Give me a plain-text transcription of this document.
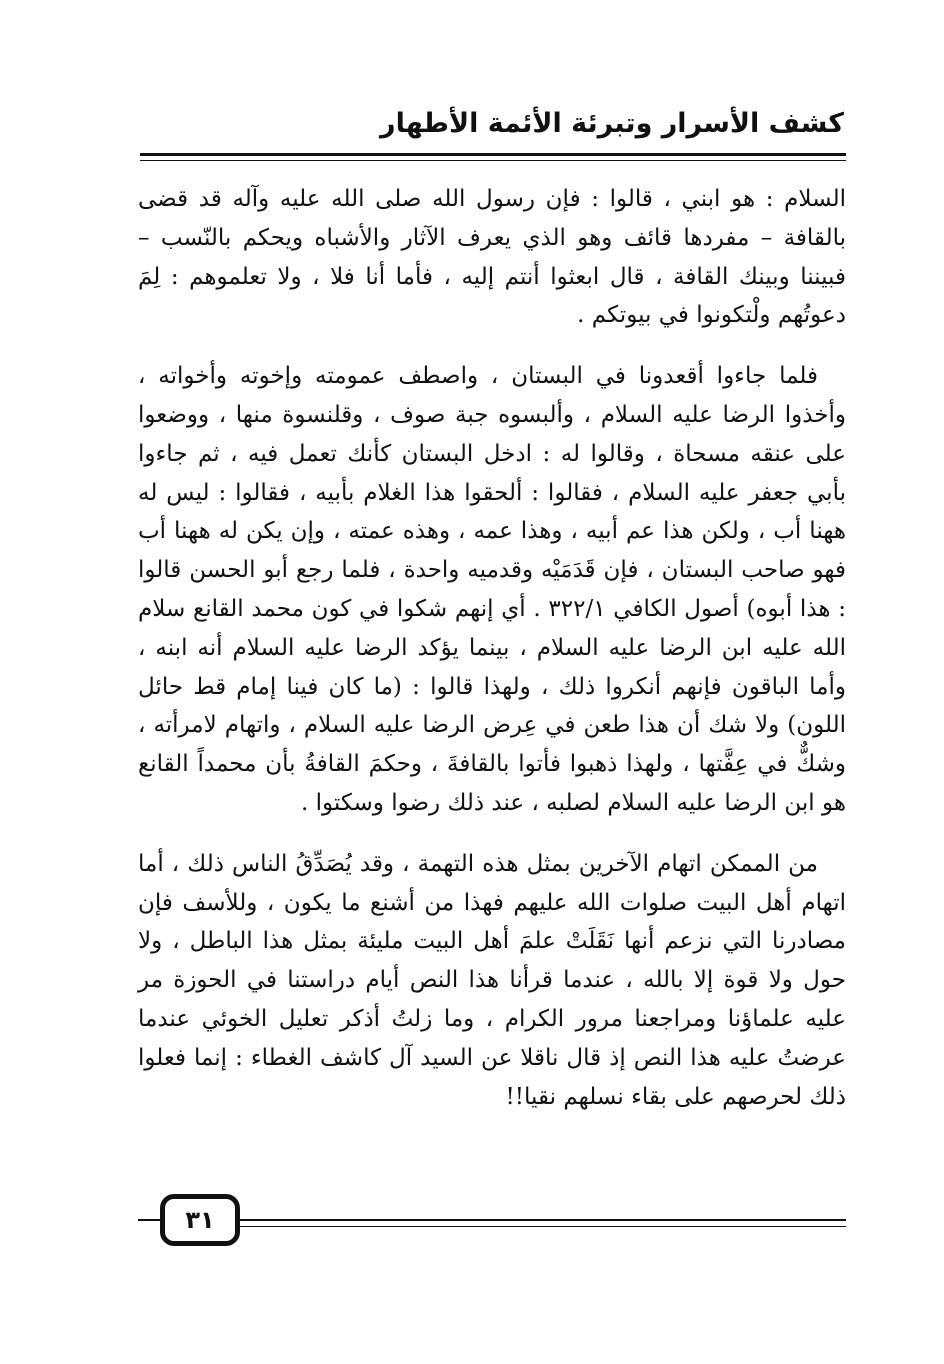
كشف الأسرار وتبرئة الأئمة الأطهار

السلام : هو ابني ، قالوا : فإن رسول الله صلى الله عليه وآله قد قضى بالقافة – مفردها قائف وهو الذي يعرف الآثار والأشباه ويحكم بالنّسب – فبيننا وبينك القافة ، قال ابعثوا أنتم إليه ، فأما أنا فلا ، ولا تعلموهم : لِمَ دعوتُهم ولْتكونوا في بيوتكم .

فلما جاءوا أقعدونا في البستان ، واصطف عمومته وإخوته وأخواته ، وأخذوا الرضا عليه السلام ، وألبسوه جبة صوف ، وقلنسوة منها ، ووضعوا على عنقه مسحاة ، وقالوا له : ادخل البستان كأنك تعمل فيه ، ثم جاءوا بأبي جعفر عليه السلام ، فقالوا : ألحقوا هذا الغلام بأبيه ، فقالوا : ليس له ههنا أب ، ولكن هذا عم أبيه ، وهذا عمه ، وهذه عمته ، وإن يكن له ههنا أب فهو صاحب البستان ، فإن قَدَمَيْه وقدميه واحدة ، فلما رجع أبو الحسن قالوا : هذا أبوه) أصول الكافي ٣٢٢/١ . أي إنهم شكوا في كون محمد القانع سلام الله عليه ابن الرضا عليه السلام ، بينما يؤكد الرضا عليه السلام أنه ابنه ، وأما الباقون فإنهم أنكروا ذلك ، ولهذا قالوا : (ما كان فينا إمام قط حائل اللون) ولا شك أن هذا طعن في عِرض الرضا عليه السلام ، واتهام لامرأته ، وشكٌّ في عِفَّتها ، ولهذا ذهبوا فأتوا بالقافةَ ، وحكمَ القافةُ بأن محمداً القانع هو ابن الرضا عليه السلام لصلبه ، عند ذلك رضوا وسكتوا .

من الممكن اتهام الآخرين بمثل هذه التهمة ، وقد يُصَدِّقُ الناس ذلك ، أما اتهام أهل البيت صلوات الله عليهم فهذا من أشنع ما يكون ، وللأسف فإن مصادرنا التي نزعم أنها نَقَلَتْ علمَ أهل البيت مليئة بمثل هذا الباطل ، ولا حول ولا قوة إلا بالله ، عندما قرأنا هذا النص أيام دراستنا في الحوزة مر عليه علماؤنا ومراجعنا مرور الكرام ، وما زلتُ أذكر تعليل الخوئي عندما عرضتُ عليه هذا النص إذ قال ناقلا عن السيد آل كاشف الغطاء : إنما فعلوا ذلك لحرصهم على بقاء نسلهم نقيا!!

٣١
